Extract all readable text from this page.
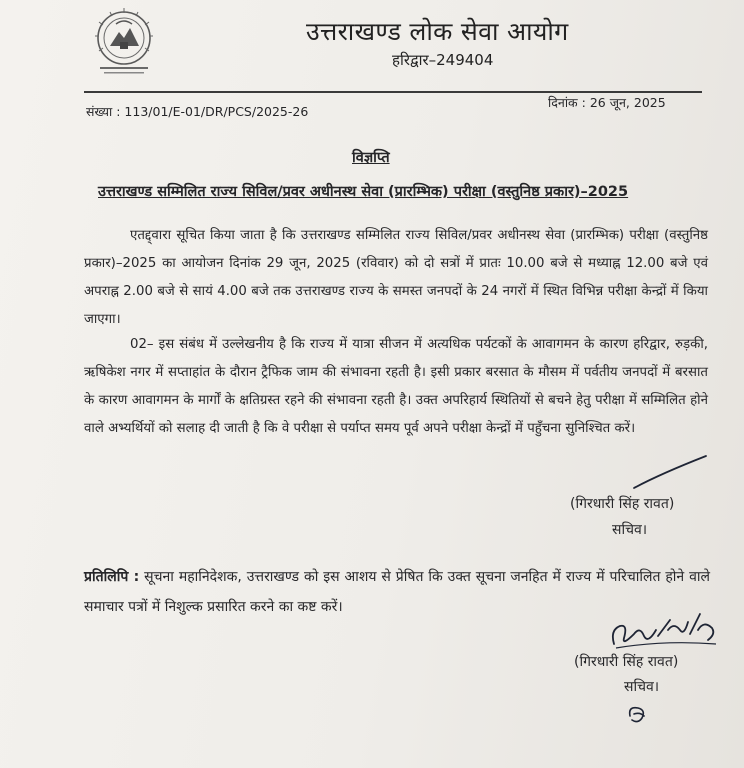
उत्तराखण्ड लोक सेवा आयोग
हरिद्वार–249404
संख्या : 113/01/E-01/DR/PCS/2025-26
दिनांक : 26 जून, 2025
विज्ञप्ति
उत्तराखण्ड सम्मिलित राज्य सिविल/प्रवर अधीनस्थ सेवा (प्रारम्भिक) परीक्षा (वस्तुनिष्ठ प्रकार)–2025
एतद्द्वारा सूचित किया जाता है कि उत्तराखण्ड सम्मिलित राज्य सिविल/प्रवर अधीनस्थ सेवा (प्रारम्भिक) परीक्षा (वस्तुनिष्ठ प्रकार)–2025 का आयोजन दिनांक 29 जून, 2025 (रविवार) को दो सत्रों में प्रातः 10.00 बजे से मध्याह्न 12.00 बजे एवं अपराह्न 2.00 बजे से सायं 4.00 बजे तक उत्तराखण्ड राज्य के समस्त जनपदों के 24 नगरों में स्थित विभिन्न परीक्षा केन्द्रों में किया जाएगा।
02– इस संबंध में उल्लेखनीय है कि राज्य में यात्रा सीजन में अत्यधिक पर्यटकों के आवागमन के कारण हरिद्वार, रुड़की, ऋषिकेश नगर में सप्ताहांत के दौरान ट्रैफिक जाम की संभावना रहती है। इसी प्रकार बरसात के मौसम में पर्वतीय जनपदों में बरसात के कारण आवागमन के मार्गों के क्षतिग्रस्त रहने की संभावना रहती है। उक्त अपरिहार्य स्थितियों से बचने हेतु परीक्षा में सम्मिलित होने वाले अभ्यर्थियों को सलाह दी जाती है कि वे परीक्षा से पर्याप्त समय पूर्व अपने परीक्षा केन्द्रों में पहुँचना सुनिश्चित करें।
(गिरधारी सिंह रावत)
सचिव।
प्रतिलिपि : सूचना महानिदेशक, उत्तराखण्ड को इस आशय से प्रेषित कि उक्त सूचना जनहित में राज्य में परिचालित होने वाले समाचार पत्रों में निशुल्क प्रसारित करने का कष्ट करें।
(गिरधारी सिंह रावत)
सचिव।
